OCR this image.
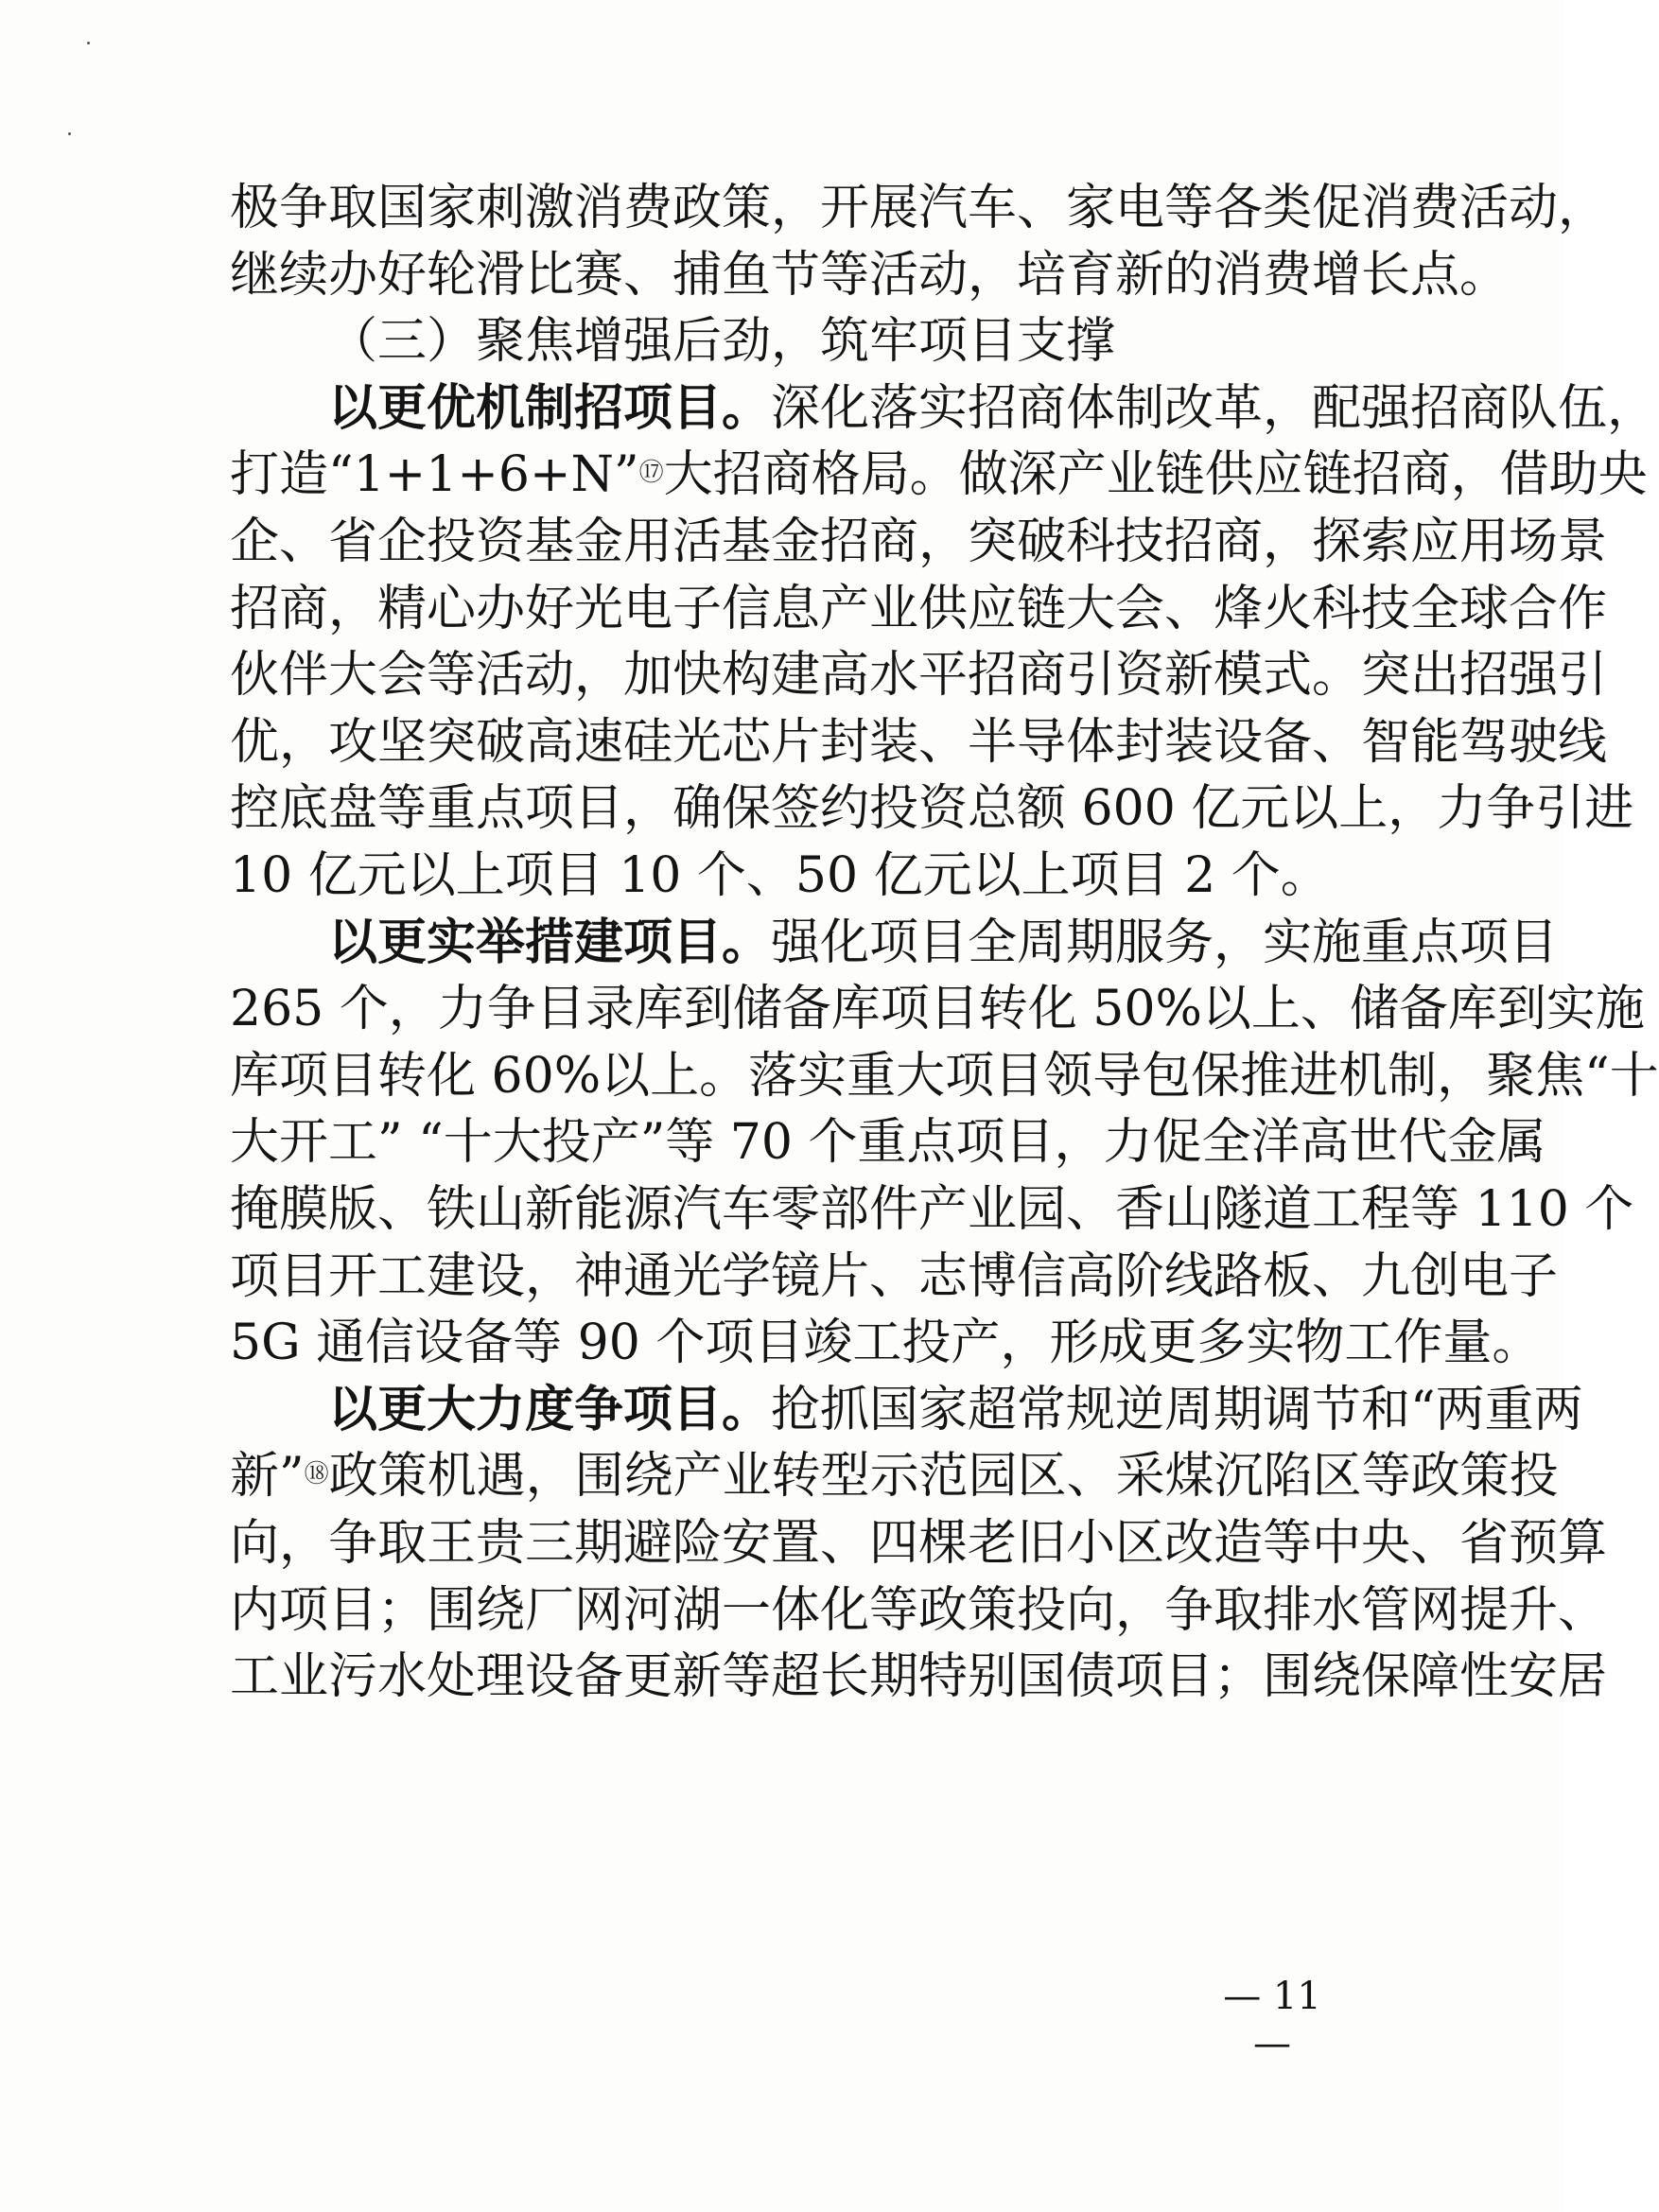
极争取国家刺激消费政策，开展汽车、家电等各类促消费活动，
继续办好轮滑比赛、捕鱼节等活动，培育新的消费增长点。
（三）聚焦增强后劲，筑牢项目支撑
以更优机制招项目。深化落实招商体制改革，配强招商队伍，
打造“1+1+6+N”⑰大招商格局。做深产业链供应链招商，借助央
企、省企投资基金用活基金招商，突破科技招商，探索应用场景
招商，精心办好光电子信息产业供应链大会、烽火科技全球合作
伙伴大会等活动，加快构建高水平招商引资新模式。突出招强引
优，攻坚突破高速硅光芯片封装、半导体封装设备、智能驾驶线
控底盘等重点项目，确保签约投资总额 600 亿元以上，力争引进
10 亿元以上项目 10 个、50 亿元以上项目 2 个。
以更实举措建项目。强化项目全周期服务，实施重点项目
265 个，力争目录库到储备库项目转化 50%以上、储备库到实施
库项目转化 60%以上。落实重大项目领导包保推进机制，聚焦“十
大开工” “十大投产”等 70 个重点项目，力促全洋高世代金属
掩膜版、铁山新能源汽车零部件产业园、香山隧道工程等 110 个
项目开工建设，神通光学镜片、志博信高阶线路板、九创电子
5G 通信设备等 90 个项目竣工投产，形成更多实物工作量。
以更大力度争项目。抢抓国家超常规逆周期调节和“两重两
新”⑱政策机遇，围绕产业转型示范园区、采煤沉陷区等政策投
向，争取王贵三期避险安置、四棵老旧小区改造等中央、省预算
内项目；围绕厂网河湖一体化等政策投向，争取排水管网提升、
工业污水处理设备更新等超长期特别国债项目；围绕保障性安居
— 11 —
